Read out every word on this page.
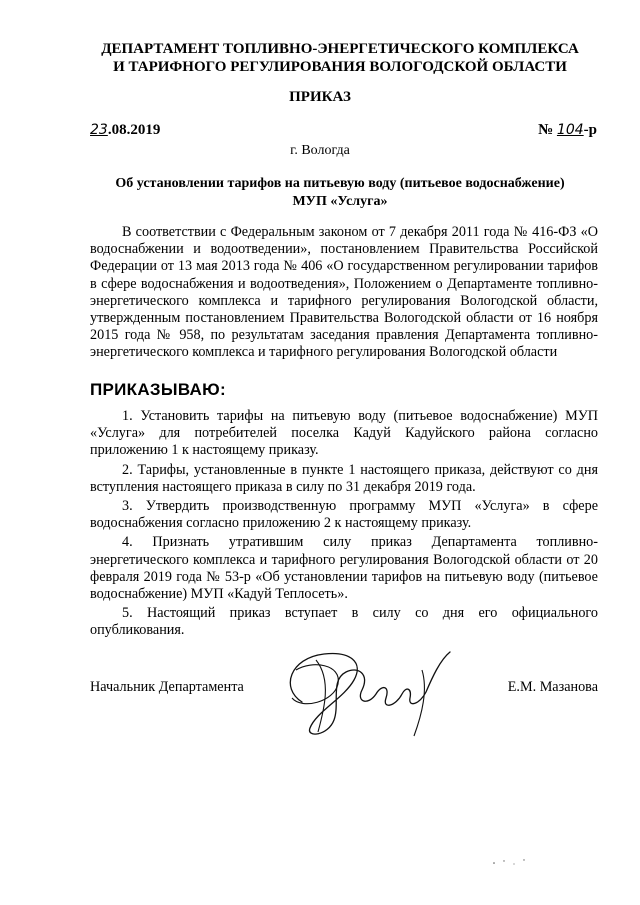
ДЕПАРТАМЕНТ ТОПЛИВНО-ЭНЕРГЕТИЧЕСКОГО КОМПЛЕКСА
И ТАРИФНОГО РЕГУЛИРОВАНИЯ ВОЛОГОДСКОЙ ОБЛАСТИ
ПРИКАЗ
23.08.2019	№ 104-р
г. Вологда
Об установлении тарифов на питьевую воду (питьевое водоснабжение)
МУП «Услуга»

В соответствии с Федеральным законом от 7 декабря 2011 года № 416-ФЗ «О водоснабжении и водоотведении», постановлением Правительства Российской Федерации от 13 мая 2013 года № 406 «О государственном регулировании тарифов в сфере водоснабжения и водоотведения», Положением о Департаменте топливно-энергетического комплекса и тарифного регулирования Вологодской области, утвержденным постановлением Правительства Вологодской области от 16 ноября 2015 года № 958, по результатам заседания правления Департамента топливно-энергетического комплекса и тарифного регулирования Вологодской области

ПРИКАЗЫВАЮ:

1. Установить тарифы на питьевую воду (питьевое водоснабжение) МУП «Услуга» для потребителей поселка Кадуй Кадуйского района согласно приложению 1 к настоящему приказу.

2. Тарифы, установленные в пункте 1 настоящего приказа, действуют со дня вступления настоящего приказа в силу по 31 декабря 2019 года.

3. Утвердить производственную программу МУП «Услуга» в сфере водоснабжения согласно приложению 2 к настоящему приказу.

4. Признать утратившим силу приказ Департамента топливно-энергетического комплекса и тарифного регулирования Вологодской области от 20 февраля 2019 года № 53-р «Об установлении тарифов на питьевую воду (питьевое водоснабжение) МУП «Кадуй Теплосеть».

5. Настоящий приказ вступает в силу со дня его официального опубликования.

Начальник Департамента	Е.М. Мазанова
